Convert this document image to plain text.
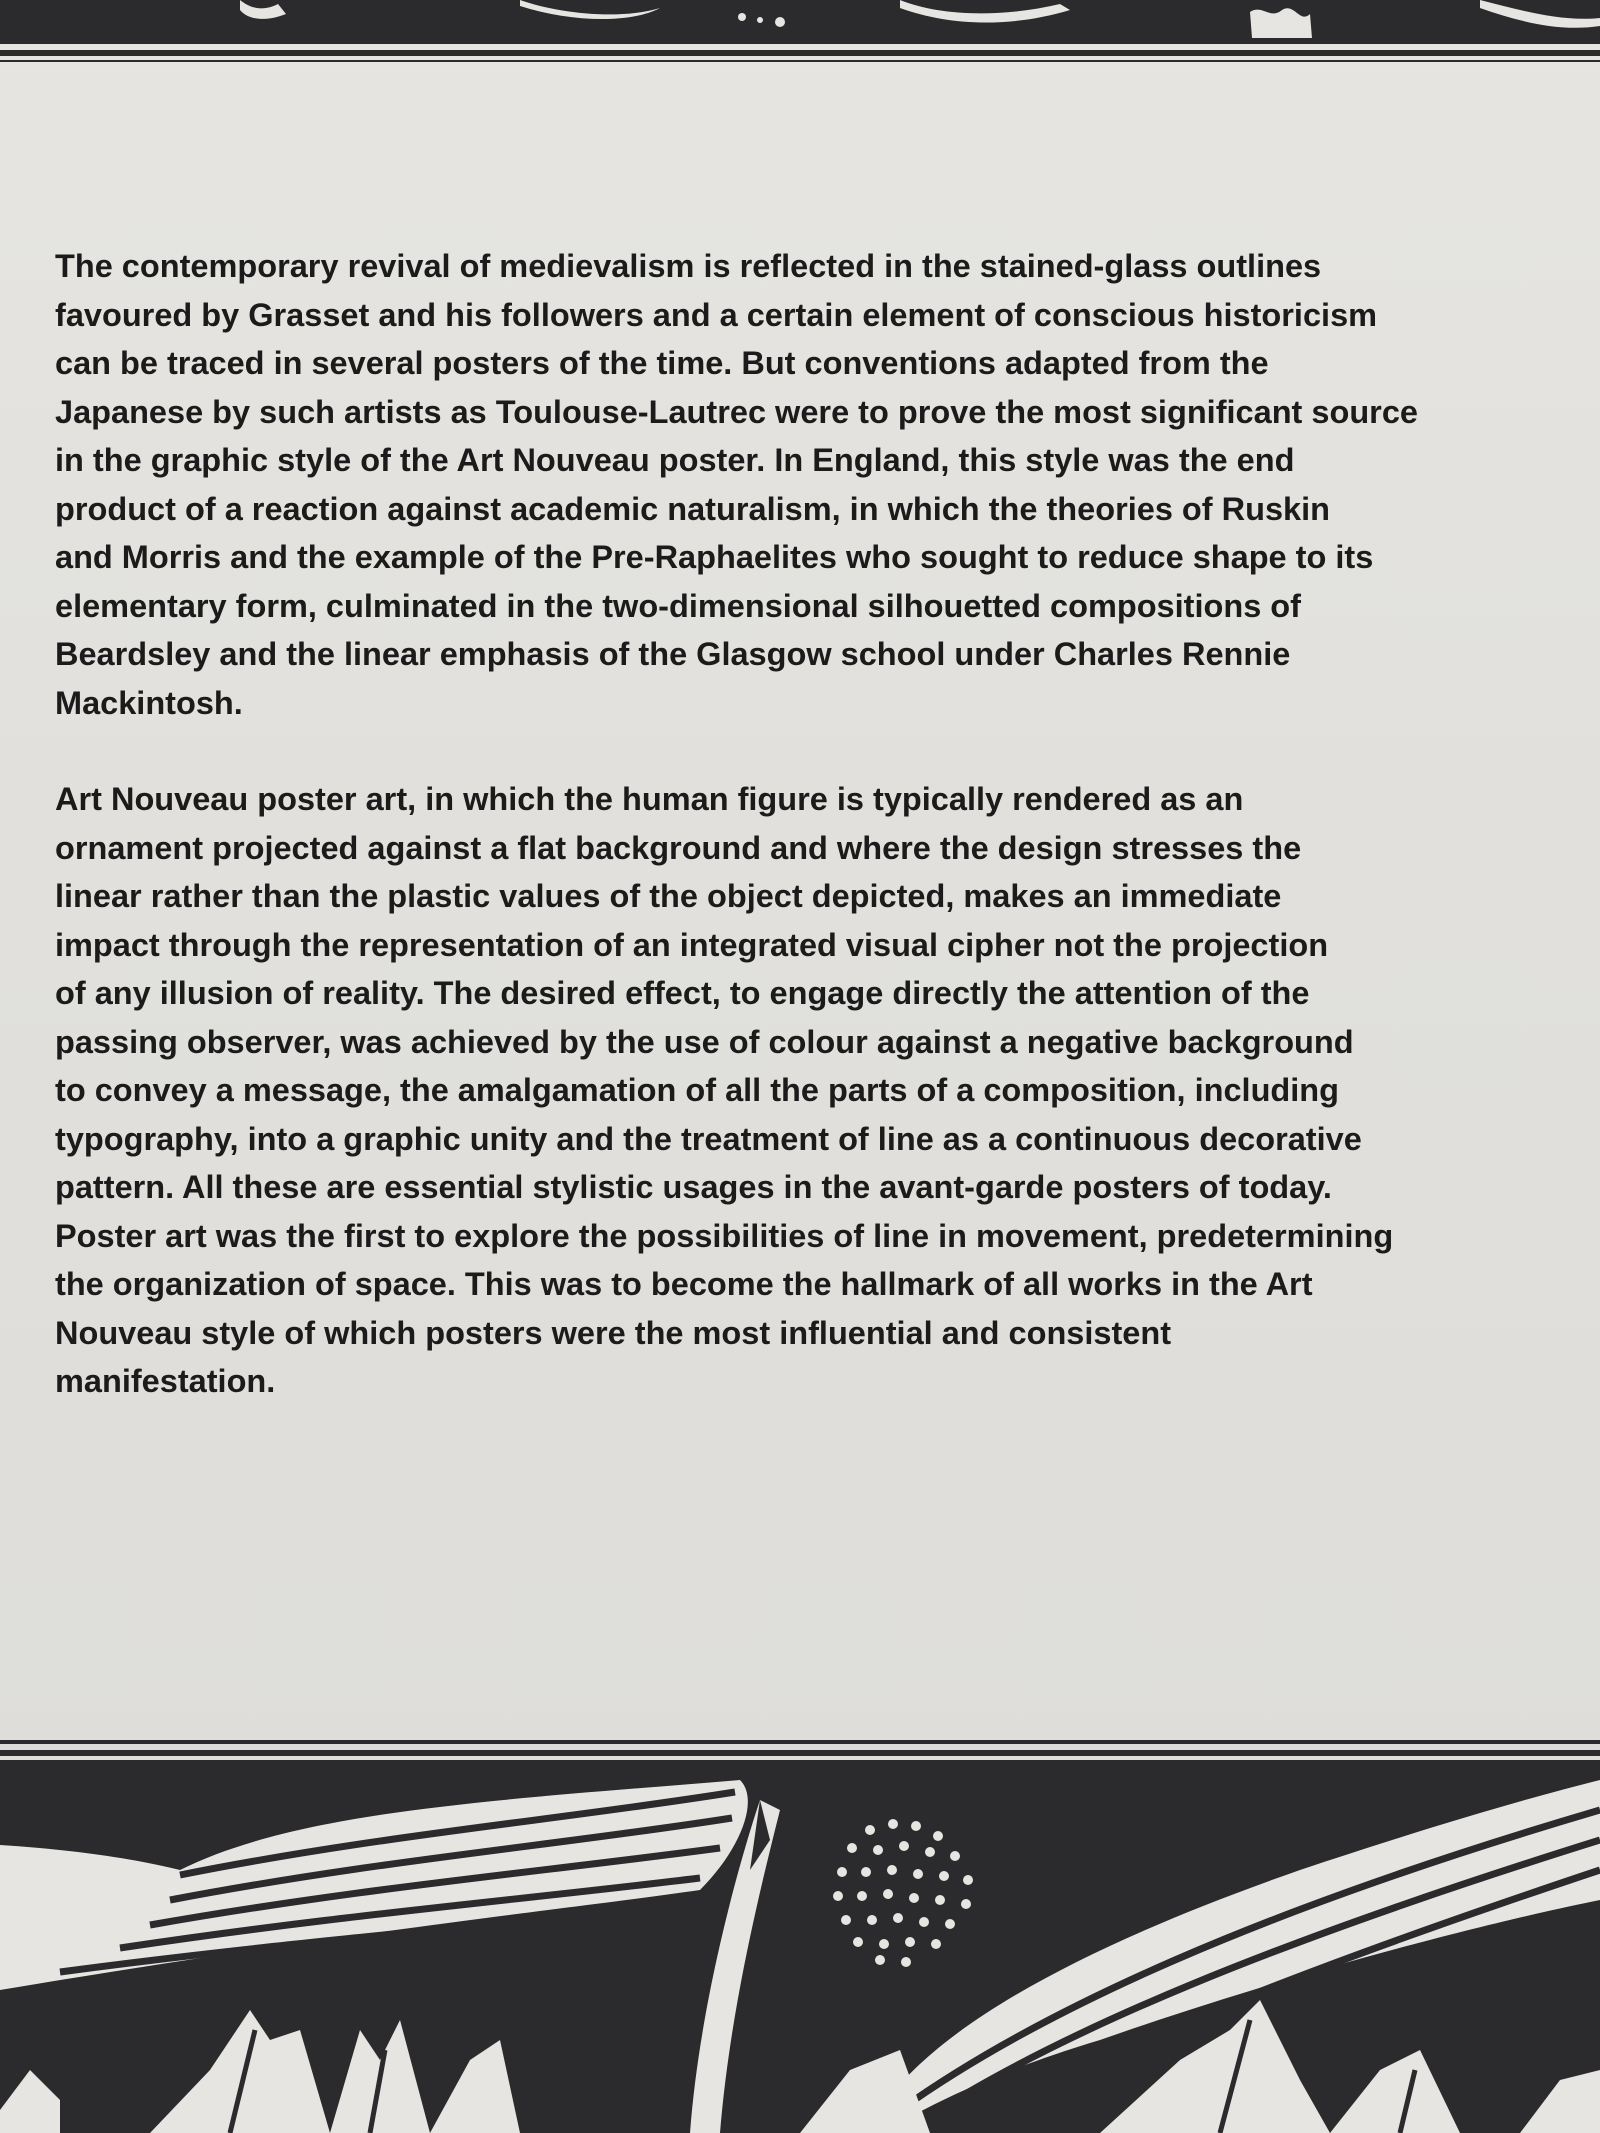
The contemporary revival of medievalism is reflected in the stained-glass outlines
favoured by Grasset and his followers and a certain element of conscious historicism
can be traced in several posters of the time. But conventions adapted from the
Japanese by such artists as Toulouse-Lautrec were to prove the most significant source
in the graphic style of the Art Nouveau poster. In England, this style was the end
product of a reaction against academic naturalism, in which the theories of Ruskin
and Morris and the example of the Pre-Raphaelites who sought to reduce shape to its
elementary form, culminated in the two-dimensional silhouetted compositions of
Beardsley and the linear emphasis of the Glasgow school under Charles Rennie
Mackintosh.

Art Nouveau poster art, in which the human figure is typically rendered as an
ornament projected against a flat background and where the design stresses the
linear rather than the plastic values of the object depicted, makes an immediate
impact through the representation of an integrated visual cipher not the projection
of any illusion of reality. The desired effect, to engage directly the attention of the
passing observer, was achieved by the use of colour against a negative background
to convey a message, the amalgamation of all the parts of a composition, including
typography, into a graphic unity and the treatment of line as a continuous decorative
pattern. All these are essential stylistic usages in the avant-garde posters of today.
Poster art was the first to explore the possibilities of line in movement, predetermining
the organization of space. This was to become the hallmark of all works in the Art
Nouveau style of which posters were the most influential and consistent
manifestation.
